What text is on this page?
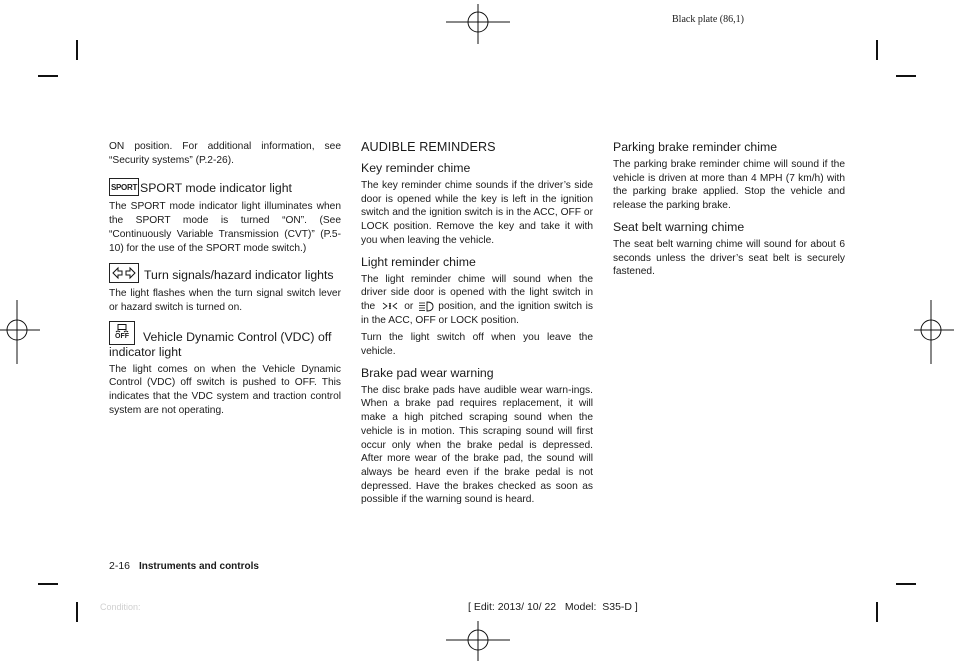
Black plate (86,1)

ON position. For additional information, see “Security systems” (P.2-26).

SPORT SPORT mode indicator light

The SPORT mode indicator light illuminates when the SPORT mode is turned “ON”. (See “Continuously Variable Transmission (CVT)” (P.5-10) for the use of the SPORT mode switch.)

Turn signals/hazard indicator lights

The light flashes when the turn signal switch lever or hazard switch is turned on.

OFF Vehicle Dynamic Control (VDC) off
indicator light

The light comes on when the Vehicle Dynamic Control (VDC) off switch is pushed to OFF. This indicates that the VDC system and traction control system are not operating.

AUDIBLE REMINDERS
Key reminder chime

The key reminder chime sounds if the driver’s side door is opened while the key is left in the ignition switch and the ignition switch is in the ACC, OFF or LOCK position. Remove the key and take it with you when leaving the vehicle.

Light reminder chime

The light reminder chime will sound when the driver side door is opened with the light switch in the	or position, and the ignition switch is in the ACC, OFF or LOCK position.

Turn the light switch off when you leave the vehicle.

Brake pad wear warning

The disc brake pads have audible wear warn-ings. When a brake pad requires replacement, it will make a high pitched scraping sound when the vehicle is in motion. This scraping sound will first occur only when the brake pedal is depressed. After more wear of the brake pad, the sound will always be heard even if the brake pedal is not depressed. Have the brakes checked as soon as possible if the warning sound is heard.

Parking brake reminder chime

The parking brake reminder chime will sound if the vehicle is driven at more than 4 MPH (7 km/h) with the parking brake applied. Stop the vehicle and release the parking brake.

Seat belt warning chime

The seat belt warning chime will sound for about 6 seconds unless the driver’s seat belt is securely fastened.

2-16 Instruments and controls
Condition:	[ Edit: 2013/ 10/ 22   Model:  S35-D ]
